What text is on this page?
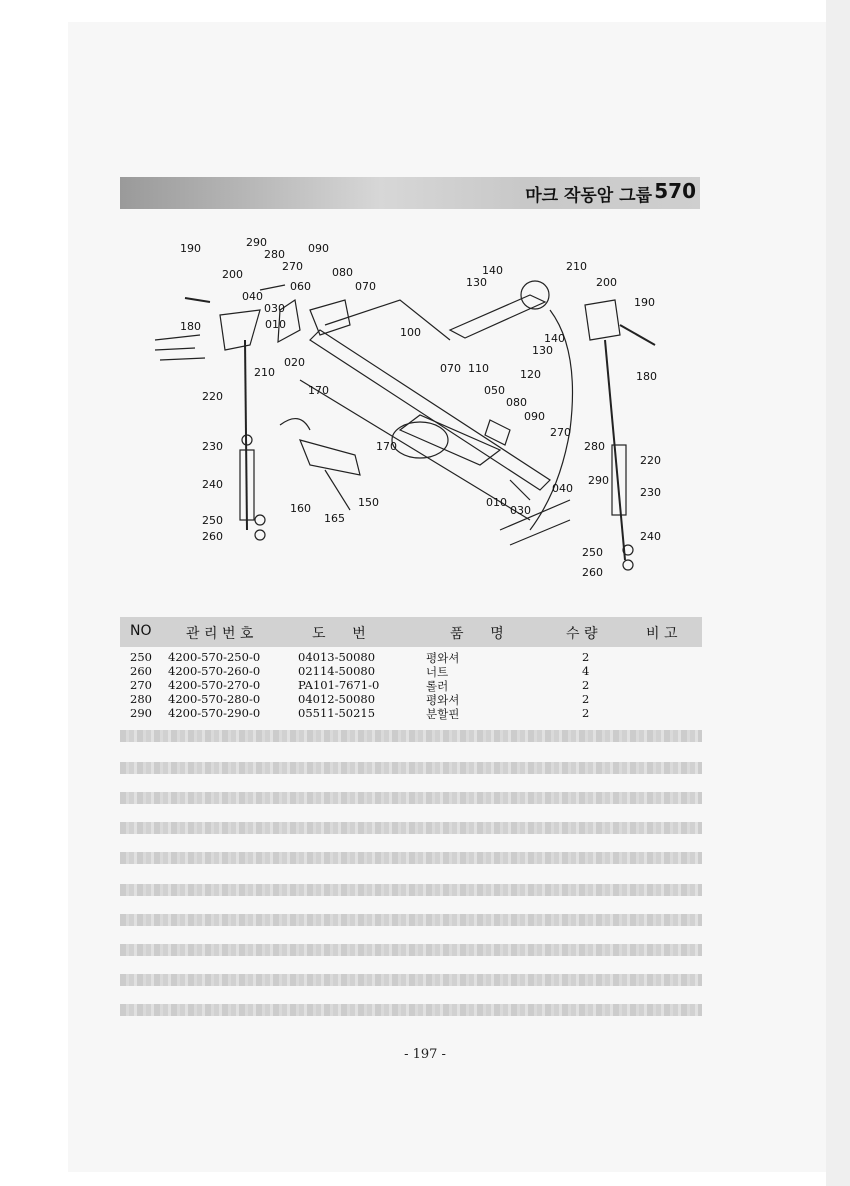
마크 작동암 그룹 570
190	290
280
270
090
080
200
060	070
040
030
180	010
020
210
100
220	170
230
240
250
260
160
165
150
140
130
110	120
050
080
090
270
280
290
010
030
040
210
200
190
180
220
230
240
250
260
140
130
070
170
NO 관 리 번 호	도      번	품      명	수 량	비 고
250 4200-570-250-0	04013-50080	평와셔	2
260 4200-570-260-0	02114-50080	너트	4
270 4200-570-270-0	PA101-7671-0	롤러	2
280 4200-570-280-0	04012-50080	평와셔	2
290 4200-570-290-0	05511-50215	분할핀	2
- 197 -
